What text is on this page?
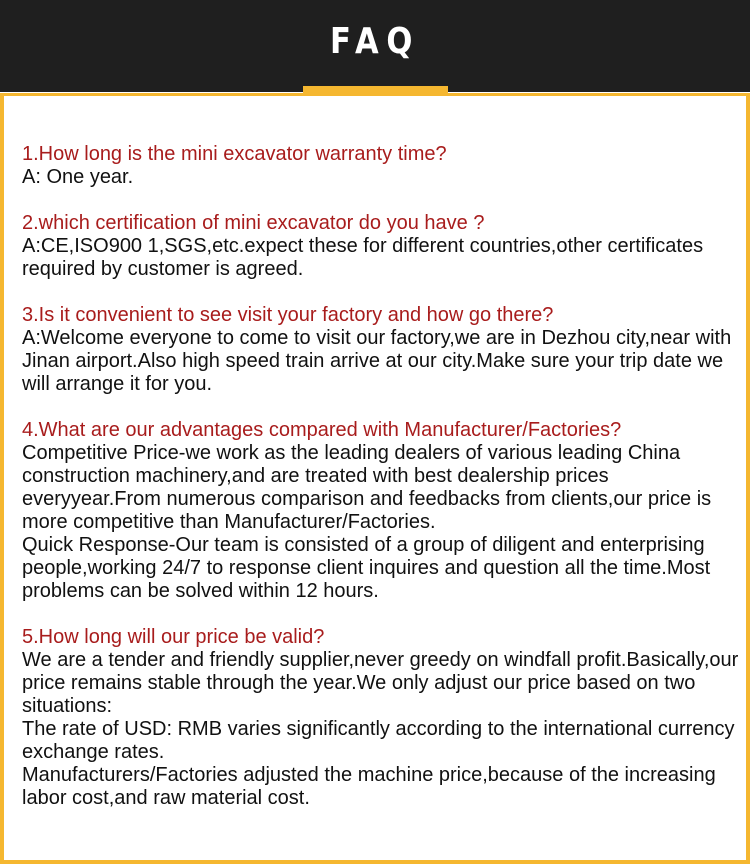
FAQ
1.How long is the mini excavator warranty time?

A: One year.

2.which certification of mini excavator do you have ?

A:CE,ISO900 1,SGS,etc.expect these for different countries,other certificates required by customer is agreed.

3.Is it convenient to see visit your factory and how go there?

A:Welcome everyone to come to visit our factory,we are in Dezhou city,near with Jinan airport.Also high speed train arrive at our city.Make sure your trip date we will arrange it for you.

4.What are our advantages compared with Manufacturer/Factories?

Competitive Price-we work as the leading dealers of various leading China

construction machinery,and are treated with best dealership prices everyyear.From numerous comparison and feedbacks from clients,our price is more competitive than Manufacturer/Factories.

Quick Response-Our team is consisted of a group of diligent and enterprising people,working 24/7 to response client inquires and question all the time.Most problems can be solved within 12 hours.

5.How long will our price be valid?

We are a tender and friendly supplier,never greedy on windfall profit.Basically,our price remains stable through the year.We only adjust our price based on two situations:

The rate of USD: RMB varies significantly according to the international currency exchange rates.

Manufacturers/Factories adjusted the machine price,because of the increasing labor cost,and raw material cost.
